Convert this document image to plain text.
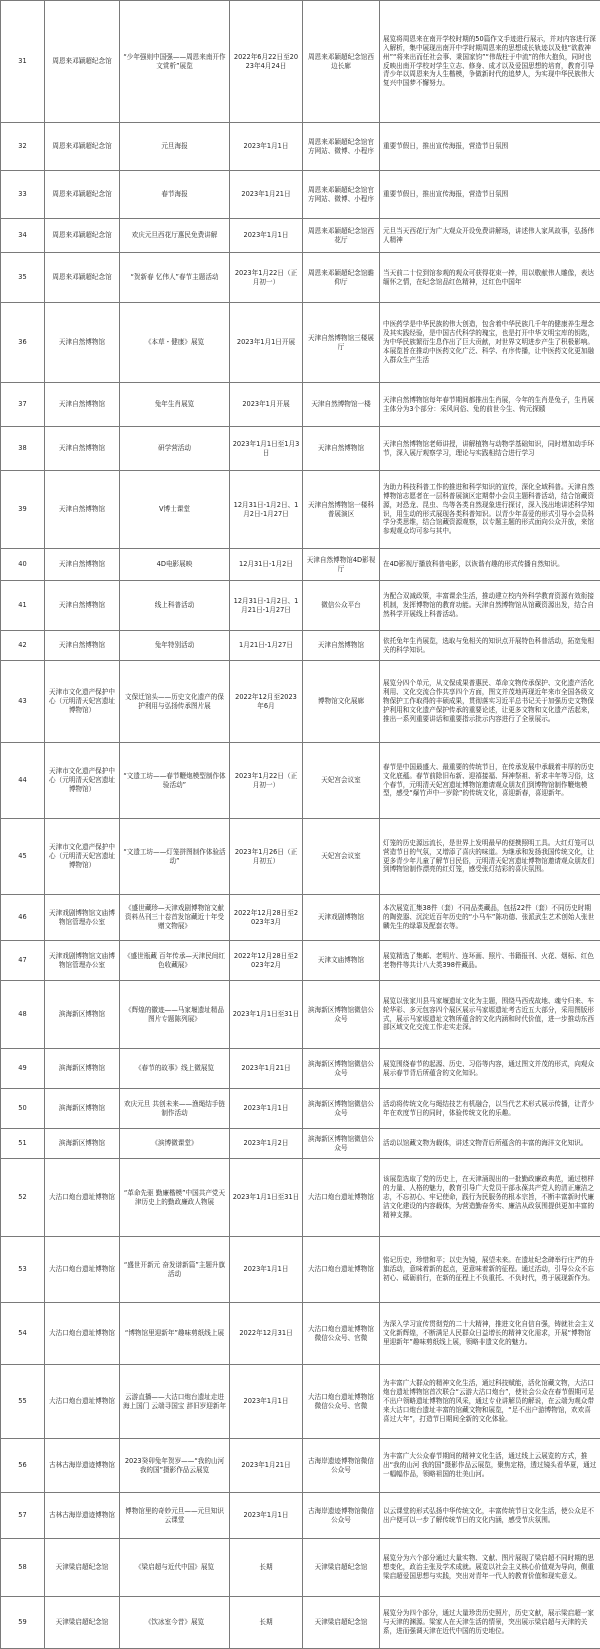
31	周恩来邓颖超纪念馆	“少年强则中国强——周恩来南开作文赏析”展览	2022年6月22日至2023年4月24日	周恩来邓颖超纪念馆西边长廊	展览将周恩来在南开学校时期的50篇作文手迹进行展示，并对内容进行深入解析，集中展现出南开中学时期周恩来的思想成长轨迹以及他“欲救神州”“将来出而任社会事、秉国家钧”“伟哉柱于中流”的伟大抱负，同时也反映出南开学校对学生立志、修身、成才以及爱国思想的培育，教育引导青少年以周恩来为人生楷模，争做新时代的追梦人，为实现中华民族伟大复兴中国梦不懈努力。
32	周恩来邓颖超纪念馆	元旦海报	2023年1月1日	周恩来邓颖超纪念馆官方网站、微博、小程序	重要节假日，推出宣传海报，营造节日氛围
33	周恩来邓颖超纪念馆	春节海报	2023年1月21日	周恩来邓颖超纪念馆官方网站、微博、小程序	重要节假日，推出宣传海报，营造节日氛围
34	周恩来邓颖超纪念馆	欢庆元旦西花厅惠民免费讲解	2023年1月1日	周恩来邓颖超纪念馆西花厅	元旦当天西花厅为广大观众开设免费讲解场，讲述伟人家风故事，弘扬伟人精神
35	周恩来邓颖超纪念馆	“贺新春 忆伟人”春节主题活动	2023年1月22日（正月初一）	周恩来邓颖超纪念馆瞻仰厅	当天前二十位到馆参观的观众可获得花束一捧，用以敬献伟人雕像，表达缅怀之情，在纪念馆品红色精神，过红色中国年
36	天津自然博物馆	《本草・健康》展览	2023年1月1日开展	天津自然博物馆三楼展厅	中医药学是中华民族的伟大创造，包含着中华民族几千年的健康养生理念及其实践经验，是中国古代科学的瑰宝，也是打开中华文明宝库的钥匙，为中华民族繁衍生息作出了巨大贡献，对世界文明进步产生了积极影响。本展览旨在推动中医药文化广泛、科学、有序传播，让中医药文化更加融入群众生产生活
37	天津自然博物馆	兔年生肖展览	2023年1月开展	天津自然博物馆一楼	天津自然博物馆每年春节期间都推出生肖展，今年的生肖是兔子，生肖展主体分为3个部分：采风问俗、兔的前世今生、钩元探赜
38	天津自然博物馆	研学营活动	2023年1月1日至1月3日	天津自然博物馆	天津自然博物馆老师讲授，讲解植物与动物学基础知识，同时增加动手环节，深入展厅观察学习，理论与实践相结合进行学习
39	天津自然博物馆	V博士课堂	12月31日-1月2日、1月2日-1月27日	天津自然博物馆一楼科普展演区	为助力科技科普工作的推进和科学知识的宣传，深化全域科普。天津自然博物馆志愿者在一层科普展演区定期带小会员主题科普活动，结合馆藏资源，对恐龙、昆虫、鸟等各类自然现象进行探讨，深入浅出地讲述科学知识，用生动的形式展现各类科普知识。以青少年喜爱的形式引导小会员科学分类思维，结合馆藏资源观察，以专题主题的形式面向公众开放，来馆参观观众均可参与其中。
40	天津自然博物馆	4D电影展映	12月31日-1月2日	天津自然博物馆4D影视厅	在4D影视厅播放科普电影，以诙谐有趣的形式传播自然知识。
41	天津自然博物馆	线上科普活动	12月31日-1月2日、1月21日-1月27日	微信公众平台	为配合双减政策，丰富课余生活，推动建立校内外科学教育资源有效衔接机制，发挥博物馆的教育功能。天津自然博物馆从馆藏资源出发，结合自然科学开展线上科普活动。
42	天津自然博物馆	兔年特别活动	1月21日-1月27日	天津自然博物馆	依托兔年生肖展览，选取与兔相关的知识点开展特色科普活动，拓宽兔相关的科学知识。
43	天津市文化遗产保护中心（元明清天妃宫遗址博物馆）	文保迁馆头——历史文化遗产的保护利用与弘扬传承图片展	2022年12月至2023年6月	博物馆文化展廊	展览分四个单元，从文保成果普惠民、革命文物传承保护、文化遗产活化利用、文化交流合作共享四个方面，图文并茂地再现近年来市全国各级文物保护工作取得的丰硕成果，贯彻落实习近平总书记关于加强历史文物保护利用和文化遗产保护传承的重要论述，让更多文物和文化遗产活起来，推出一系列重要讲话和重要指示批示内容进行了全景展示。
44	天津市文化遗产保护中心（元明清天妃宫遗址博物馆）	“文遗工坊——春节鞭炮模型制作体验活动”	2023年1月22日（正月初一）	天妃宫会议室	春节是中国最盛大、最重要的传统节日，在传承发展中承载着丰厚的历史文化底蕴。春节前除旧布新、迎禧接福、拜神祭祖、祈求丰年等习俗，这个春节，元明清天妃宫遗址博物馆邀请观众朋友们到博物馆制作鞭炮模型，感受“爆竹声中一岁除”的传统文化，喜迎新春，喜迎新年。
45	天津市文化遗产保护中心（元明清天妃宫遗址博物馆）	“文遗工坊——灯笼拼图制作体验活动”	2023年1月26日（正月初五）	天妃宫会议室	灯笼的历史源远流长，是世界上发明最早的便携照明工具。大红灯笼可以营造节日的气氛，又增添了喜庆的味道。为继承和发扬我国传统文化，让更多青少年儿童了解节日民俗，元明清天妃宫遗址博物馆邀请观众朋友们到博物馆制作漂亮的红灯笼，感受张灯结彩的喜庆氛围。
46	天津戏剧博物馆文庙博物馆管理办公室	《盛世藏珍—天津戏剧博物馆文献资料丛刊三十卷首发馆藏近十年受赠文物展》	2022年12月28日至2023年3月	天津戏剧博物馆	本次展览汇集38件（套）不同品类藏品，包括22件（套）不同历史时期的陶瓷器、沉淀近百年历史的“小马车”陈功德、张派武生艺术创始人张世麟先生的绿靠及配套衣等。
47	天津戏剧博物馆文庙博物馆管理办公室	《盛世瓶藏 百年传承—天津民间红色收藏展》	2022年12月28日至2023年2月	天津文庙博物馆	展览精选了集邮、老明片、连环画、照片、书籍报刊、火花、烟标、红色老物件等共计八大类398件藏品。
48	滨海新区博物馆	《辉煌的徽迹——马家堰遗址精品图片专题陈列展》	2023年1月1日至31日	滨海新区博物馆微信公众号	展览以张家川县马家堰遗址文化为主题，围绕马西戎故地、魂兮归来、车轮华彩、多元包容四个展区展示马家塬遗址考古近五大部分，采用图版形式，展示马家塬遗址文物所蕴含的文化内涵和时代价值，进一步推动东西部区域文化交流工作走实走深。
49	滨海新区博物馆	《春节的故事》线上微展览	2023年1月21日	滨海新区博物馆微信公众号	展览围绕春节的起源、历史、习俗等内容，通过图文并茂的形式，向观众展示春节背后所蕴含的文化知识。
50	滨海新区博物馆	欢庆元旦 共创未来——渔绳结手链制作活动	2023年1月1日	滨海新区博物馆微信公众号	活动将传统文化与绳结技艺有机融合，以当代艺术形式展示传播，让青少年在欢度节日的同时，体验传统文化的乐趣。
51	滨海新区博物馆	《滨博微课堂》	2023年1月2日	滨海新区博物馆微信公众号	活动以馆藏文物为载体，讲述文物背后所蕴含的丰富的海洋文化知识。
52	大沽口炮台遗址博物馆	“革命先驱 勤廉楷模”中国共产党天津历史上的勤政廉政人物展	2023年1月1日至31日	大沽口炮台遗址博物馆	该展览选取了党的历史上，在天津涌现出的一批勤政廉政典范，通过榜样的力量、人格的魅力，教育引导广大党员干部永葆共产党人的清正廉洁之志，不忘初心、牢记使命，践行为民服务的根本宗旨，不断丰富新时代廉洁文化建设的内容载体，为营造勤奋务实、廉洁从政氛围提供更加丰富的精神支撑。
53	大沽口炮台遗址博物馆	“盛世开新元 奋发谱新篇”主题升旗活动	2023年1月1日	大沽口炮台遗址博物馆	铭记历史，珍惜和平；以史为镜，展望未来。在遗址纪念碑举行庄严的升旗活动，意味着新的起点，更意味着新的征程。通过活动，引导公众不忘初心、砥砺前行，在新的征程上不负重托、不负时代，勇于展现新作为。
54	大沽口炮台遗址博物馆	“博物馆里迎新年”趣味剪纸线上展	2022年12月31日	大沽口炮台遗址博物馆微信公众号、官微	为深入学习宣传贯彻党的二十大精神，推进文化自信自强，铸就社会主义文化新辉煌，不断满足人民群众日益增长的精神文化需求，开展“博物馆里迎新年”趣味剪纸线上展，领略非遗文化的魅力。
55	大沽口炮台遗址博物馆	云游直播——大沽口炮台遗址走进海上国门 云端寻国宝 辞旧岁迎新年	2023年1月1日	大沽口炮台遗址博物馆微信公众号、官微	为丰富广大群众的精神文化生活，通过科技赋能，活化馆藏文物，大沽口炮台遗址博物馆首次联合“云游大沽口炮台”，使社会公众在春节假期可足不出户领略遗址博物馆的风采，通过专业讲解员的解说，在云端为观众带来大沽口炮台遗址丰富的馆藏文物和展览，“足不出户游博物馆，欢欢喜喜过大年”，打造节日期间全新的文化体验。
56	古林古海岸遗迹博物馆	2023癸卯兔年贺岁——“我的山河 我的国”摄影作品云展览	2023年1月21日	古海岸遗迹博物馆微信公众号	为丰富广大公众春节期间的精神文化生活，通过线上云展览的方式，推出“我的山河 我的国”摄影作品云展览，聚焦定格，透过镜头看华夏，通过一幅幅作品，领略祖国的壮美山河。
57	古林古海岸遗迹博物馆	博物馆里的奇妙元旦——元旦知识云课堂	2023年1月1日	古海岸遗迹博物馆微信公众号	以云课堂的形式弘扬中华传统文化，丰富传统节日文化生活，使公众足不出户便可以一步了解传统节日的文化内涵，感受节庆氛围。
58	天津梁启超纪念馆	《梁启超与近代中国》展览	长期	天津梁启超纪念馆	展览分为六个部分通过大量实物、文献、图片展现了梁启超不同时期的思想变化，政治主张及学术成就。展览以社会主义核心价值观为导向，侧重梁启超爱国思想与实践，突出对青年一代人的教育价值和现实意义。
59	天津梁启超纪念馆	《饮冰室今昔》展览	长期	天津梁启超纪念馆	展览分为四个部分，通过大量珍贵历史照片，历史文献，展示梁启超一家与天津的渊源。梁家人在天津生活的情景，突出展示梁启超与天津的关系，进而强调天津在近代中国的历史地位。
